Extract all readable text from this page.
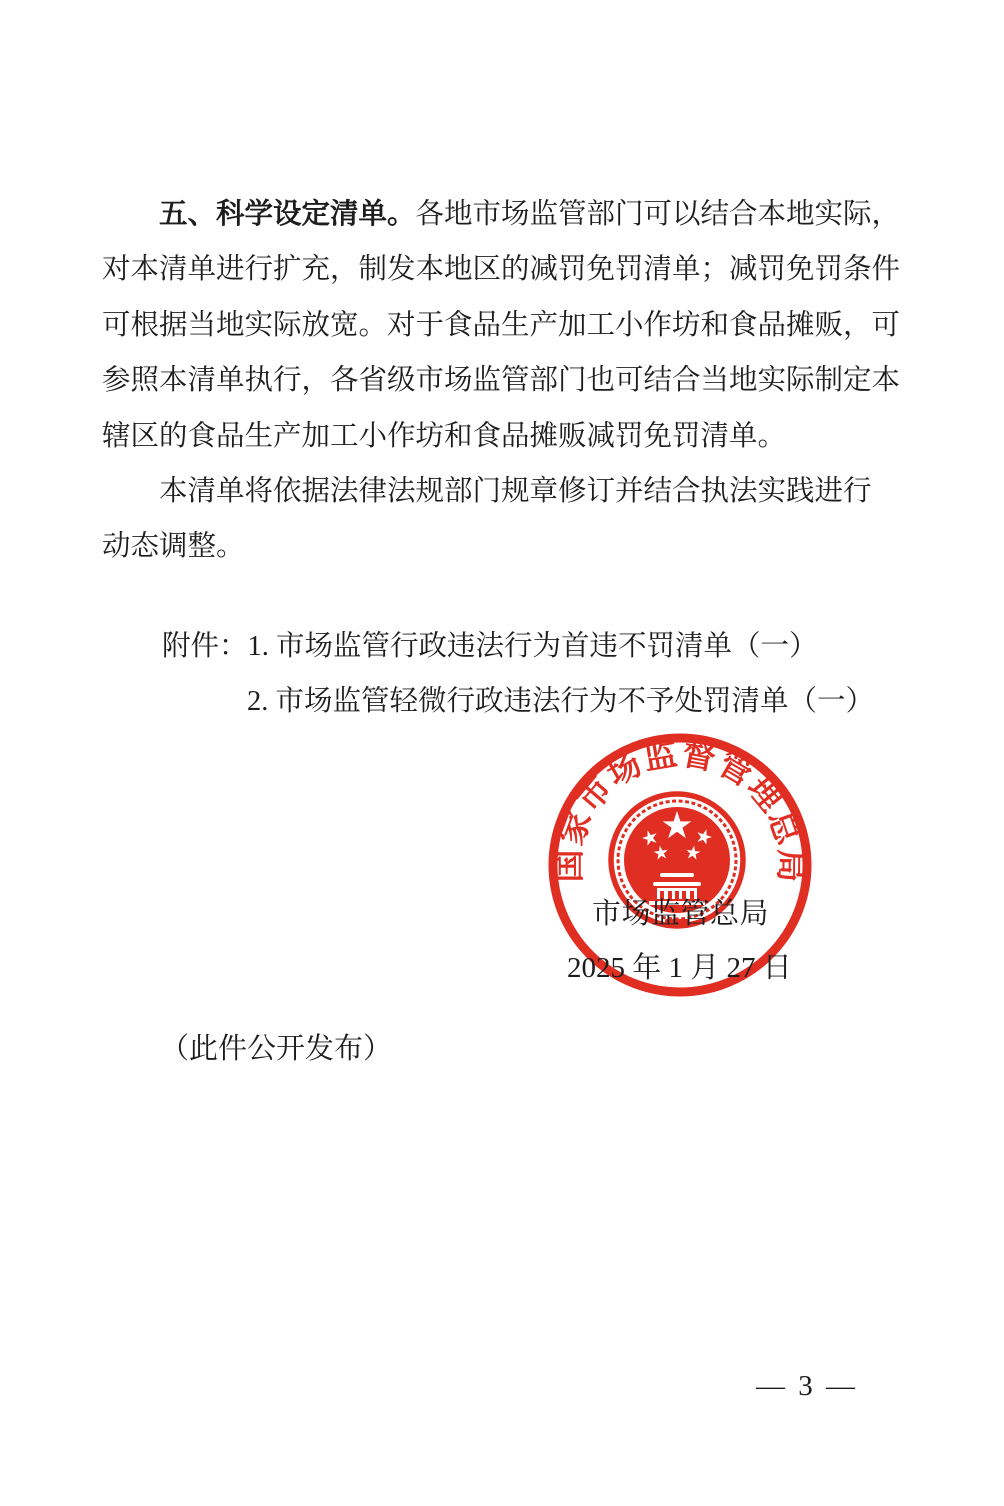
五、科学设定清单。各地市场监管部门可以结合本地实际，
对本清单进行扩充，制发本地区的减罚免罚清单；减罚免罚条件
可根据当地实际放宽。对于食品生产加工小作坊和食品摊贩，可
参照本清单执行，各省级市场监管部门也可结合当地实际制定本
辖区的食品生产加工小作坊和食品摊贩减罚免罚清单。
本清单将依据法律法规部门规章修订并结合执法实践进行
动态调整。
附件：1. 市场监管行政违法行为首违不罚清单（一）
2. 市场监管轻微行政违法行为不予处罚清单（一）
国家市场监督管理总局
市场监管总局
2025 年 1 月 27 日
（此件公开发布）
— 3 —
